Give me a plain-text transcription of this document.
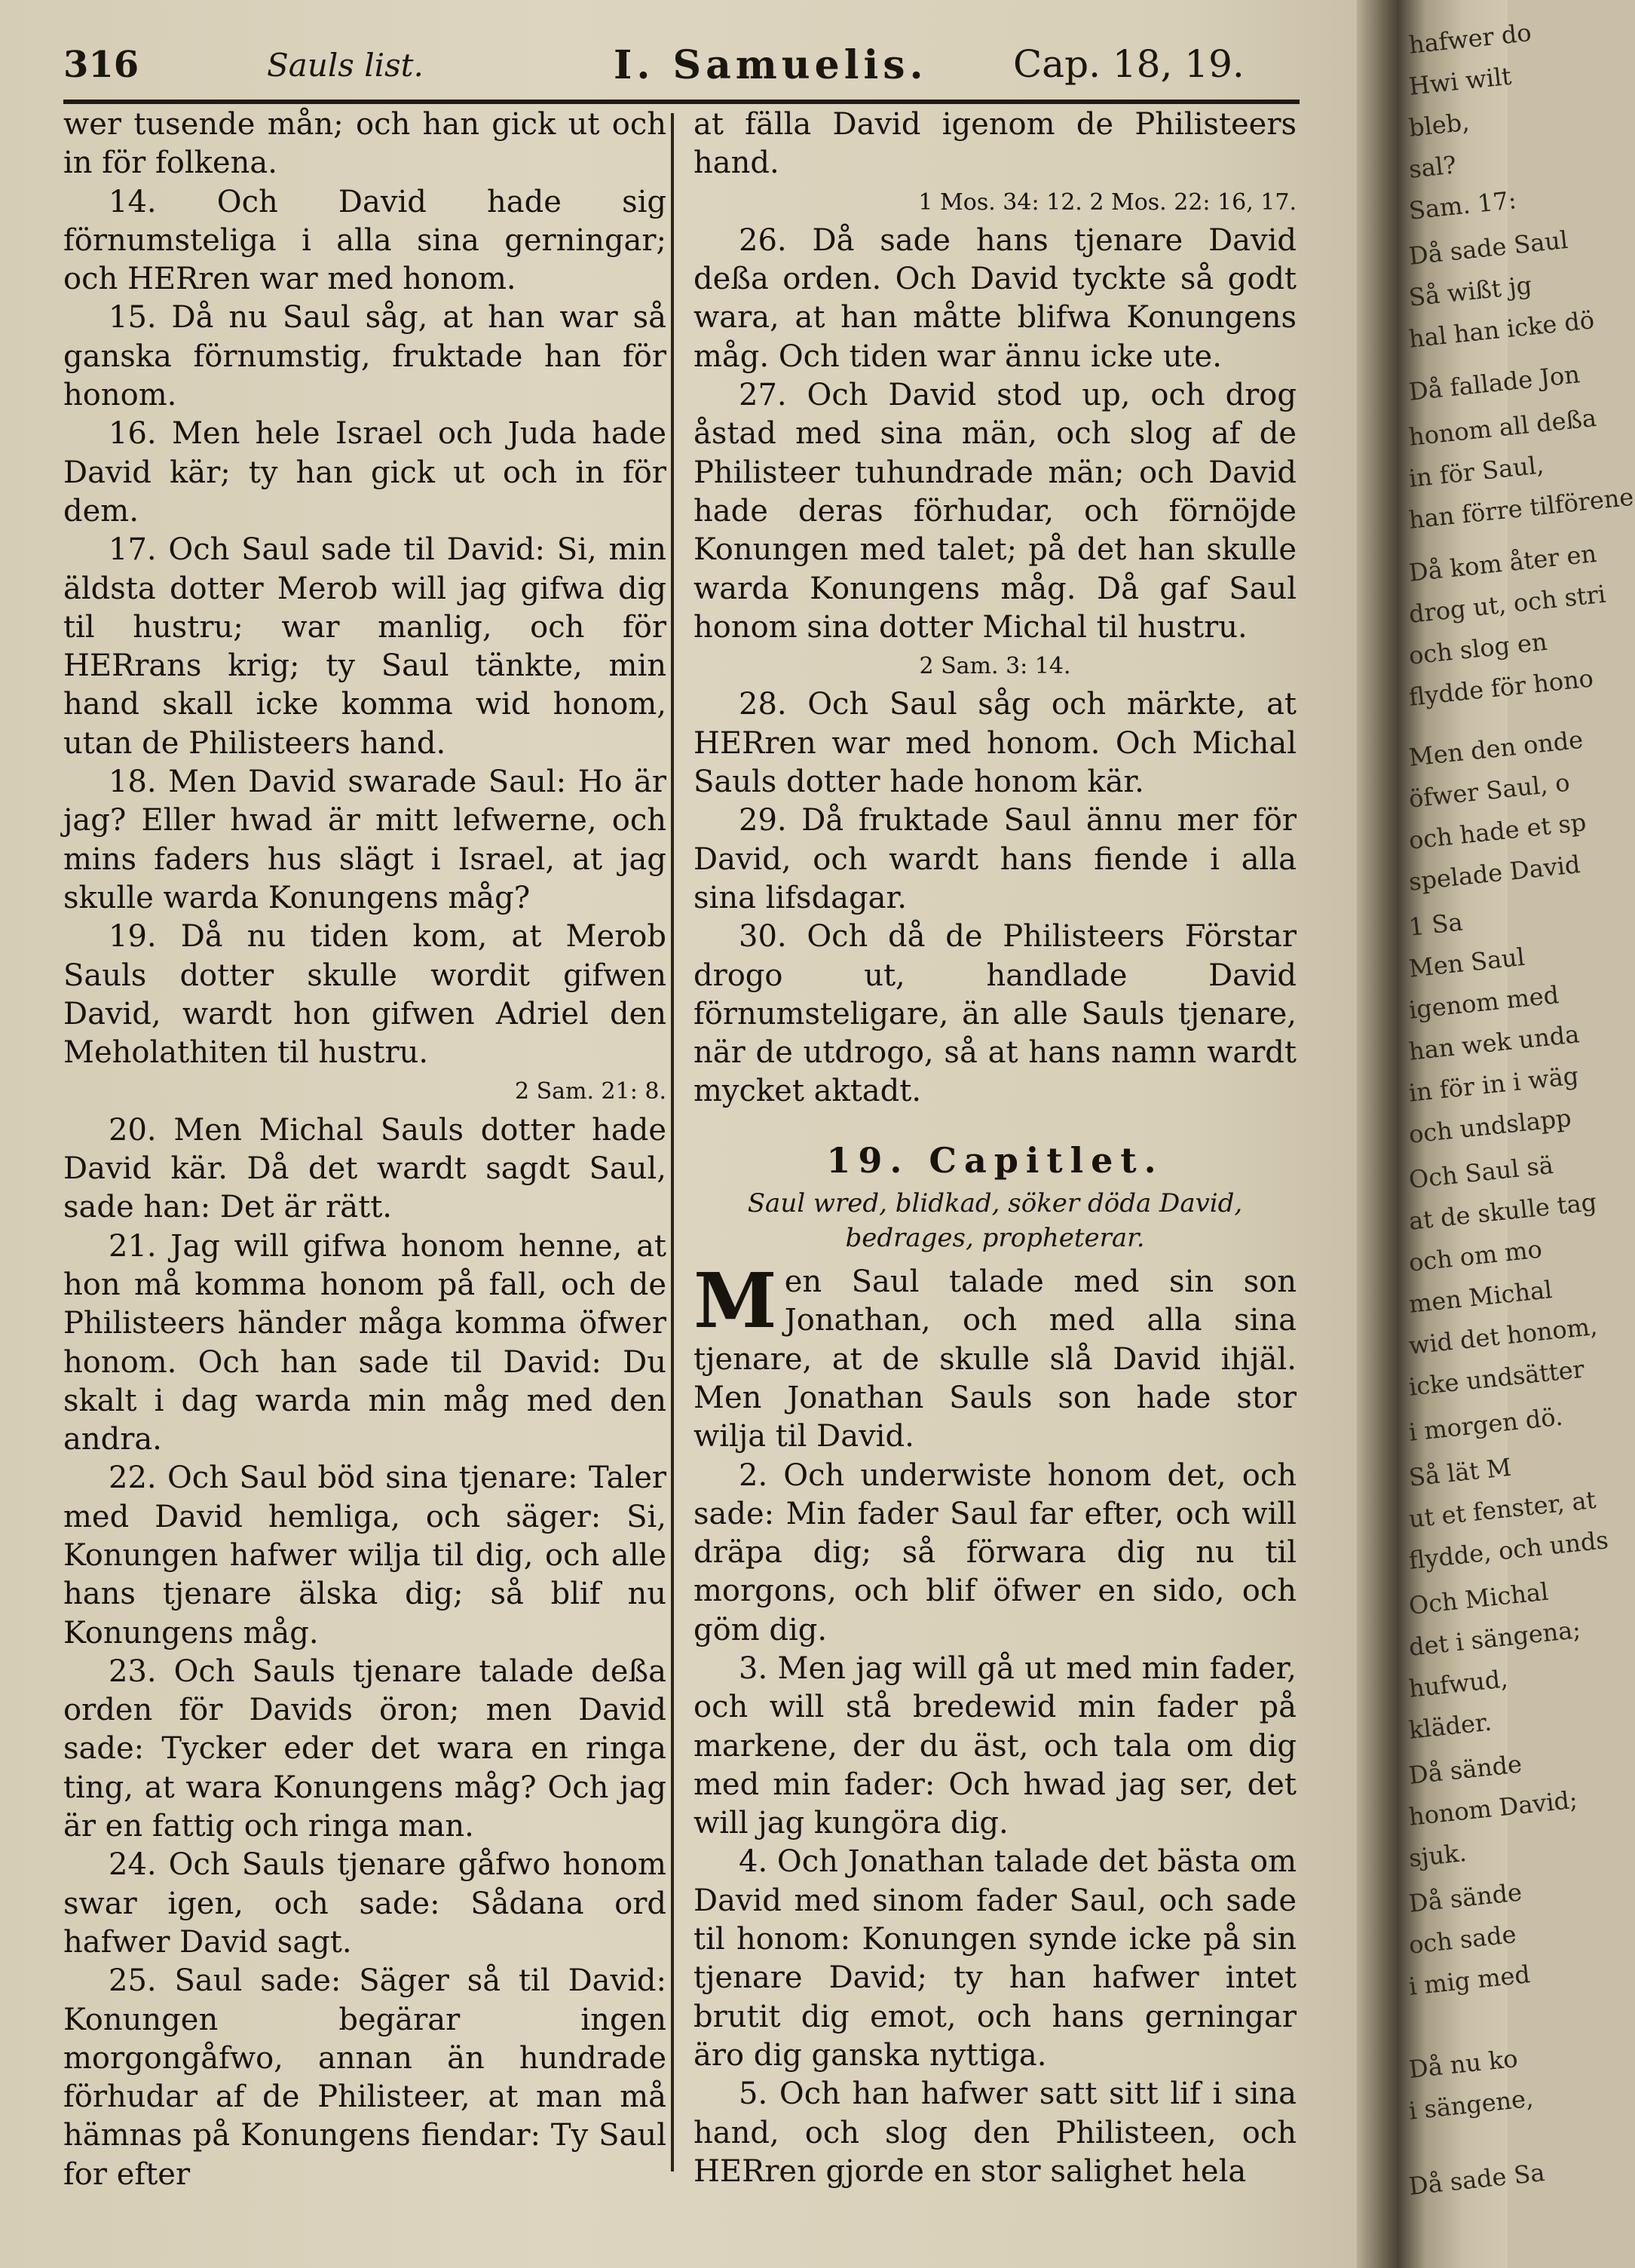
316	Sauls list.	I. Samuelis. Cap. 18, 19.

wer tusende mån; och han gick ut och in för folkena.

14. Och David hade sig förnumsteliga i alla sina gerningar; och HERren war med honom.

15. Då nu Saul såg, at han war så ganska förnumstig, fruktade han för honom.

16. Men hele Israel och Juda hade David kär; ty han gick ut och in för dem.

17. Och Saul sade til David: Si, min äldsta dotter Merob will jag gifwa dig til hustru; war manlig, och för HERrans krig; ty Saul tänkte, min hand skall icke komma wid honom, utan de Philisteers hand.

18. Men David swarade Saul: Ho är jag? Eller hwad är mitt lefwerne, och mins faders hus slägt i Israel, at jag skulle warda Konungens måg?

19. Då nu tiden kom, at Merob Sauls dotter skulle wordit gifwen David, wardt hon gifwen Adriel den Meholathiten til hustru.

2 Sam. 21: 8.

20. Men Michal Sauls dotter hade David kär. Då det wardt sagdt Saul, sade han: Det är rätt.

21. Jag will gifwa honom henne, at hon må komma honom på fall, och de Philisteers händer måga komma öfwer honom. Och han sade til David: Du skalt i dag warda min måg med den andra.

22. Och Saul böd sina tjenare: Taler med David hemliga, och säger: Si, Konungen hafwer wilja til dig, och alle hans tjenare älska dig; så blif nu Konungens måg.

23. Och Sauls tjenare talade deßa orden för Davids öron; men David sade: Tycker eder det wara en ringa ting, at wara Konungens måg? Och jag är en fattig och ringa man.

24. Och Sauls tjenare gåfwo honom swar igen, och sade: Sådana ord hafwer David sagt.

25. Saul sade: Säger så til David: Konungen begärar ingen morgongåfwo, annan än hundrade förhudar af de Philisteer, at man må hämnas på Konungens fiendar: Ty Saul for efter

at fälla David igenom de Philisteers hand.

1 Mos. 34: 12. 2 Mos. 22: 16, 17.

26. Då sade hans tjenare David deßa orden. Och David tyckte så godt wara, at han måtte blifwa Konungens måg. Och tiden war ännu icke ute.

27. Och David stod up, och drog åstad med sina män, och slog af de Philisteer tuhundrade män; och David hade deras förhudar, och förnöjde Konungen med talet; på det han skulle warda Konungens måg. Då gaf Saul honom sina dotter Michal til hustru.

2 Sam. 3: 14.

28. Och Saul såg och märkte, at HERren war med honom. Och Michal Sauls dotter hade honom kär.

29. Då fruktade Saul ännu mer för David, och wardt hans fiende i alla sina lifsdagar.

30. Och då de Philisteers Förstar drogo ut, handlade David förnumsteligare, än alle Sauls tjenare, när de utdrogo, så at hans namn wardt mycket aktadt.

19. Capitlet.
Saul wred, blidkad, söker döda David, bedrages, propheterar.

Men Saul talade med sin son Jonathan, och med alla sina tjenare, at de skulle slå David ihjäl. Men Jonathan Sauls son hade stor wilja til David.

2. Och underwiste honom det, och sade: Min fader Saul far efter, och will dräpa dig; så förwara dig nu til morgons, och blif öfwer en sido, och göm dig.

3. Men jag will gå ut med min fader, och will stå bredewid min fader på markene, der du äst, och tala om dig med min fader: Och hwad jag ser, det will jag kungöra dig.

4. Och Jonathan talade det bästa om David med sinom fader Saul, och sade til honom: Konungen synde icke på sin tjenare David; ty han hafwer intet brutit dig emot, och hans gerningar äro dig ganska nyttiga.

5. Och han hafwer satt sitt lif i sina hand, och slog den Philisteen, och HERren gjorde en stor salighet hela

hafwer do
Hwi wilt
bleb,
sal?
Sam. 17:
Då sade Saul
Så wißt jg
hal han icke dö
Då fallade Jon
honom all deßa
in för Saul,
han förre tilförene
Då kom åter en
drog ut, och stri
och slog en
flydde för hono
Men den onde
öfwer Saul, o
och hade et sp
spelade David
1 Sa
Men Saul
igenom med
han wek unda
in för in i wäg
och undslapp
Och Saul sä
at de skulle tag
och om mo
men Michal
wid det honom,
icke undsätter
i morgen dö.
Så lät M
ut et fenster, at
flydde, och unds
Och Michal
det i sängena;
hufwud,
kläder.
Då sände
honom David;
sjuk.
Då sände
och sade
i mig med
Då nu ko
i sängene,
Då sade Sa
